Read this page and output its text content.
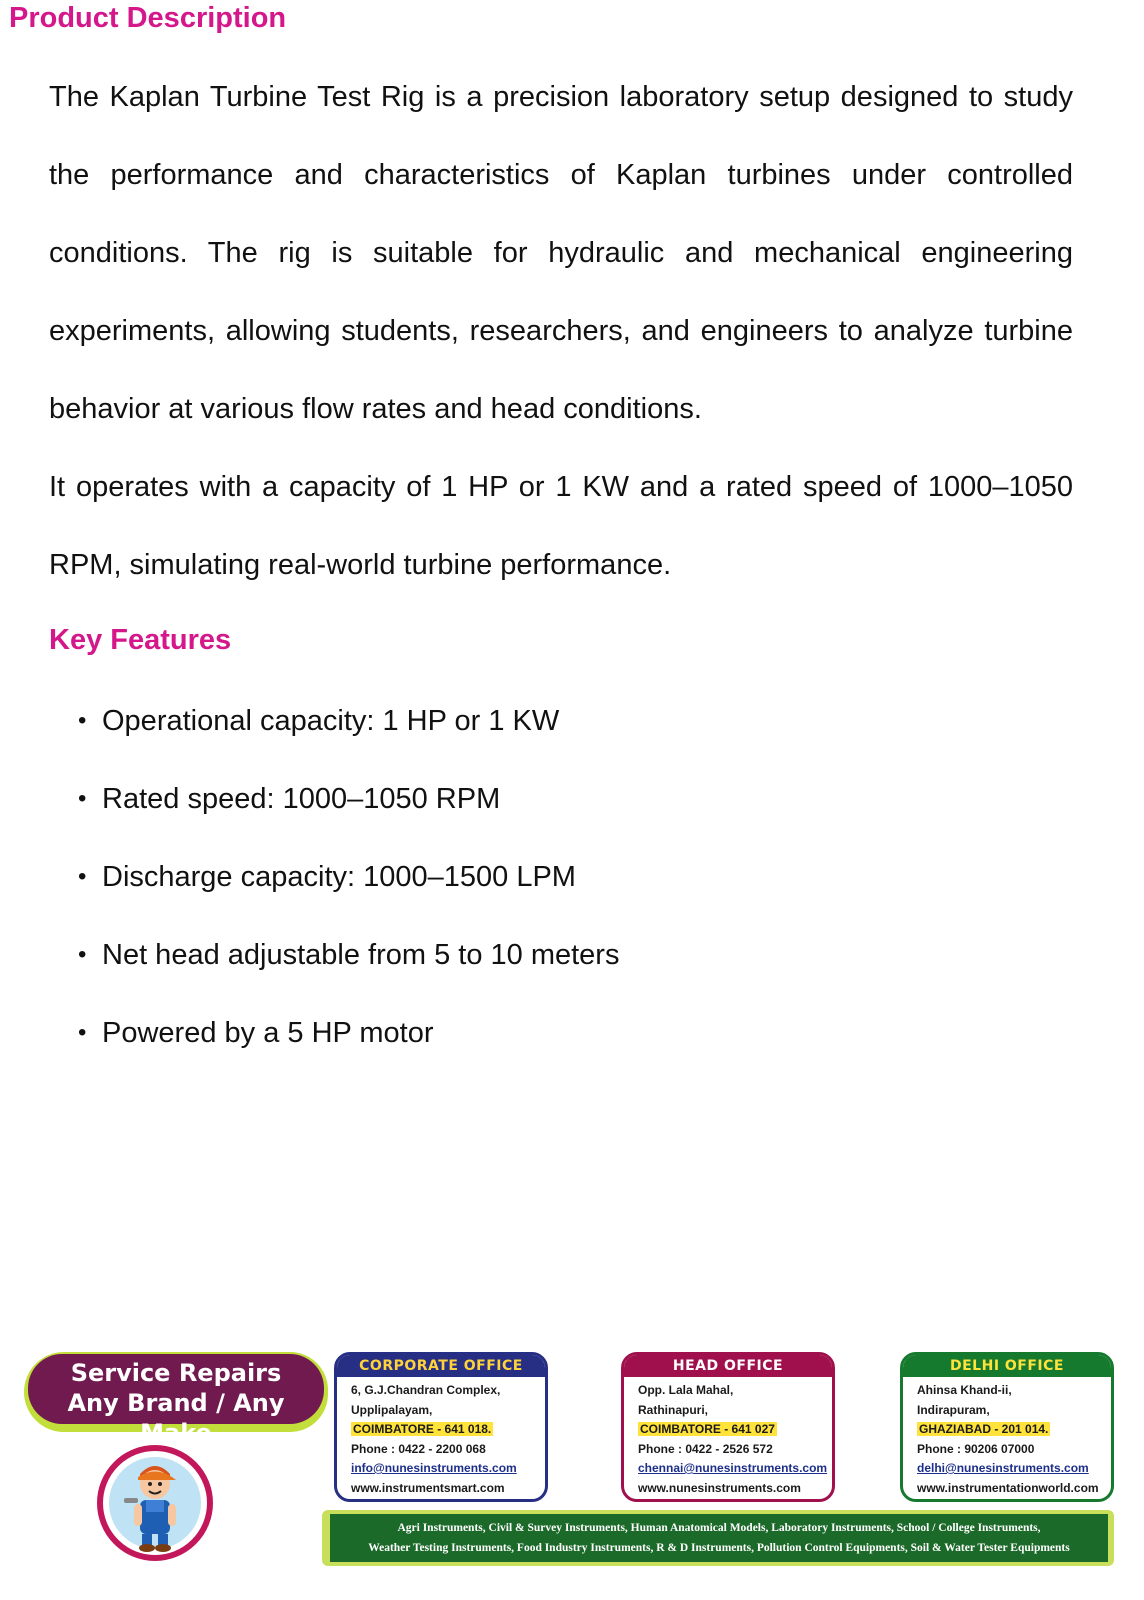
Product Description

The Kaplan Turbine Test Rig is a precision laboratory setup designed to study the performance and characteristics of Kaplan turbines under controlled conditions. The rig is suitable for hydraulic and mechanical engineering experiments, allowing students, researchers, and engineers to analyze turbine behavior at various flow rates and head conditions.

It operates with a capacity of 1 HP or 1 KW and a rated speed of 1000–1050 RPM, simulating real-world turbine performance.

Key Features
• Operational capacity: 1 HP or 1 KW
• Rated speed: 1000–1050 RPM
• Discharge capacity: 1000–1500 LPM
• Net head adjustable from 5 to 10 meters
• Powered by a 5 HP motor
Service Repairs
Any Brand / Any Make
CORPORATE OFFICE
6, G.J.Chandran Complex,
Upplipalayam,
COIMBATORE - 641 018.
Phone : 0422 - 2200 068
info@nunesinstruments.com
www.instrumentsmart.com
HEAD OFFICE
Opp. Lala Mahal,
Rathinapuri,
COIMBATORE - 641 027
Phone : 0422 - 2526 572
chennai@nunesinstruments.com
www.nunesinstruments.com
DELHI OFFICE
Ahinsa Khand-ii,
Indirapuram,
GHAZIABAD - 201 014.
Phone : 90206 07000
delhi@nunesinstruments.com
www.instrumentationworld.com
Agri Instruments, Civil & Survey Instruments, Human Anatomical Models, Laboratory Instruments, School / College Instruments,
Weather Testing Instruments, Food Industry Instruments, R & D Instruments, Pollution Control Equipments, Soil & Water Tester Equipments
